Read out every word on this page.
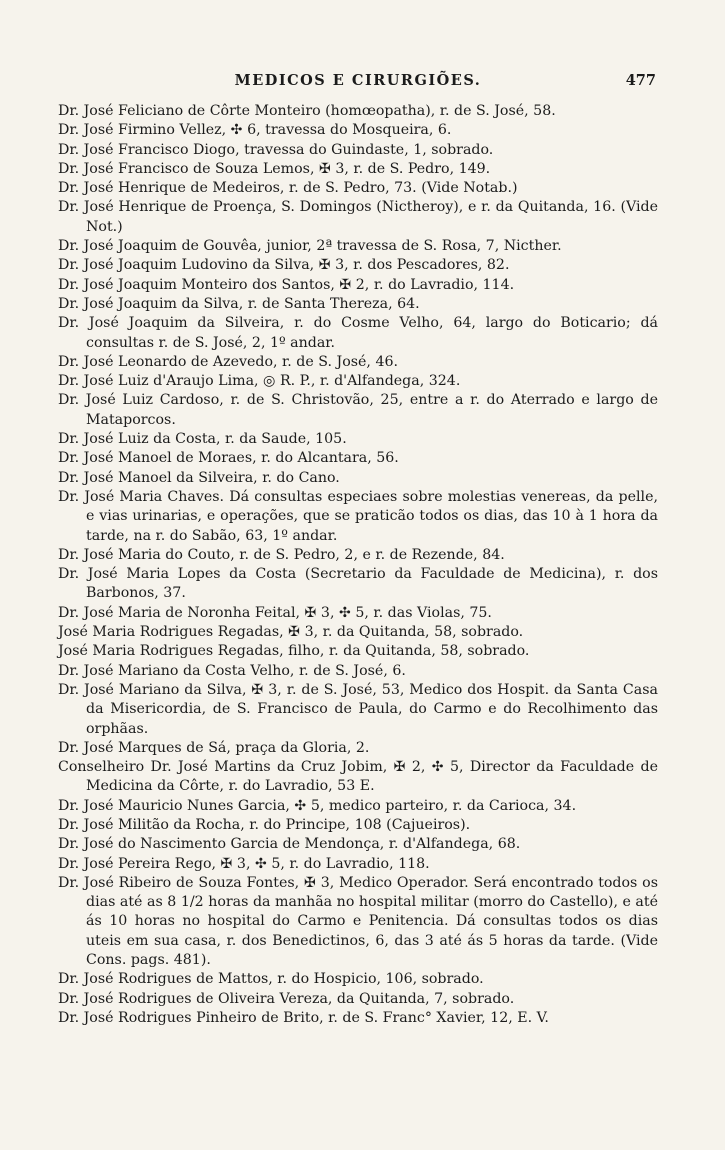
MEDICOS E CIRURGIÕES.	477
Dr. José Feliciano de Côrte Monteiro (homœopatha), r. de S. José, 58.
Dr. José Firmino Vellez, ✣ 6, travessa do Mosqueira, 6.
Dr. José Francisco Diogo, travessa do Guindaste, 1, sobrado.
Dr. José Francisco de Souza Lemos, ✠ 3, r. de S. Pedro, 149.
Dr. José Henrique de Medeiros, r. de S. Pedro, 73. (Vide Notab.)
Dr. José Henrique de Proença, S. Domingos (Nictheroy), e r. da Quitanda, 16. (Vide Not.)
Dr. José Joaquim de Gouvêa, junior, 2ª travessa de S. Rosa, 7, Nicther.
Dr. José Joaquim Ludovino da Silva, ✠ 3, r. dos Pescadores, 82.
Dr. José Joaquim Monteiro dos Santos, ✠ 2, r. do Lavradio, 114.
Dr. José Joaquim da Silva, r. de Santa Thereza, 64.
Dr. José Joaquim da Silveira, r. do Cosme Velho, 64, largo do Boticario; dá consultas r. de S. José, 2, 1º andar.
Dr. José Leonardo de Azevedo, r. de S. José, 46.
Dr. José Luiz d'Araujo Lima, ◎ R. P., r. d'Alfandega, 324.
Dr. José Luiz Cardoso, r. de S. Christovão, 25, entre a r. do Aterrado e largo de Mataporcos.
Dr. José Luiz da Costa, r. da Saude, 105.
Dr. José Manoel de Moraes, r. do Alcantara, 56.
Dr. José Manoel da Silveira, r. do Cano.
Dr. José Maria Chaves. Dá consultas especiaes sobre molestias venereas, da pelle, e vias urinarias, e operações, que se praticão todos os dias, das 10 à 1 hora da tarde, na r. do Sabão, 63, 1º andar.
Dr. José Maria do Couto, r. de S. Pedro, 2, e r. de Rezende, 84.
Dr. José Maria Lopes da Costa (Secretario da Faculdade de Medicina), r. dos Barbonos, 37.
Dr. José Maria de Noronha Feital, ✠ 3, ✣ 5, r. das Violas, 75.
José Maria Rodrigues Regadas, ✠ 3, r. da Quitanda, 58, sobrado.
José Maria Rodrigues Regadas, filho, r. da Quitanda, 58, sobrado.
Dr. José Mariano da Costa Velho, r. de S. José, 6.
Dr. José Mariano da Silva, ✠ 3, r. de S. José, 53, Medico dos Hospit. da Santa Casa da Misericordia, de S. Francisco de Paula, do Carmo e do Recolhimento das orphãas.
Dr. José Marques de Sá, praça da Gloria, 2.
Conselheiro Dr. José Martins da Cruz Jobim, ✠ 2, ✣ 5, Director da Faculdade de Medicina da Côrte, r. do Lavradio, 53 E.
Dr. José Mauricio Nunes Garcia, ✣ 5, medico parteiro, r. da Carioca, 34.
Dr. José Militão da Rocha, r. do Principe, 108 (Cajueiros).
Dr. José do Nascimento Garcia de Mendonça, r. d'Alfandega, 68.
Dr. José Pereira Rego, ✠ 3, ✣ 5, r. do Lavradio, 118.
Dr. José Ribeiro de Souza Fontes, ✠ 3, Medico Operador. Será encontrado todos os dias até as 8 1/2 horas da manhãa no hospital militar (morro do Castello), e até ás 10 horas no hospital do Carmo e Penitencia. Dá consultas todos os dias uteis em sua casa, r. dos Benedictinos, 6, das 3 até ás 5 horas da tarde. (Vide Cons. pags. 481).
Dr. José Rodrigues de Mattos, r. do Hospicio, 106, sobrado.
Dr. José Rodrigues de Oliveira Vereza, da Quitanda, 7, sobrado.
Dr. José Rodrigues Pinheiro de Brito, r. de S. Franc° Xavier, 12, E. V.
